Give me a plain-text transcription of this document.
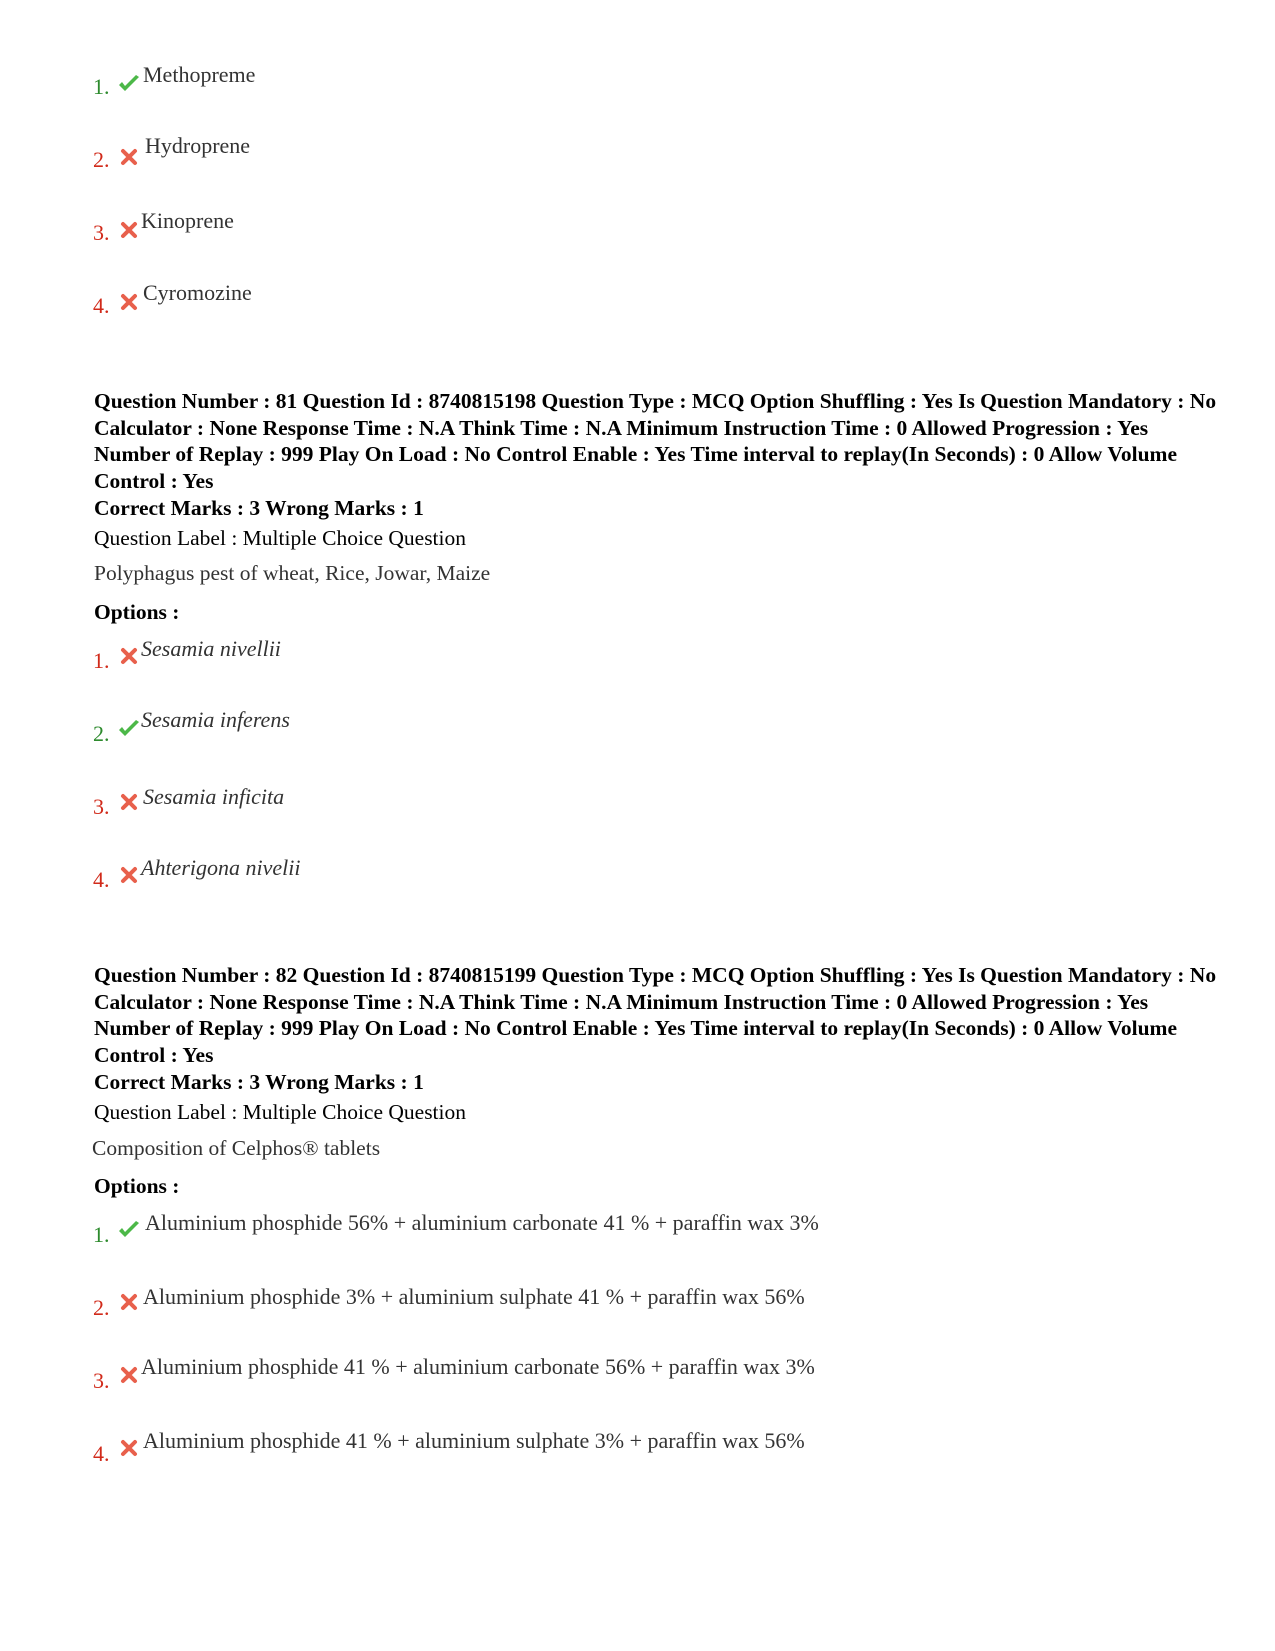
1. Methopreme
2.
Hydroprene
3. Kinoprene
4.
Cyromozine
Question Number : 81 Question Id : 8740815198 Question Type : MCQ Option Shuffling : Yes Is Question Mandatory : No Calculator : None Response Time : N.A Think Time : N.A Minimum Instruction Time : 0 Allowed Progression : Yes Number of Replay : 999 Play On Load : No Control Enable : Yes Time interval to replay(In Seconds) : 0 Allow Volume Control : Yes
Correct Marks : 3 Wrong Marks : 1
Question Label : Multiple Choice Question
Polyphagus pest of wheat, Rice, Jowar, Maize
Options :
1. Sesamia nivellii
2.
Sesamia inferens
3. Sesamia inficita
4. Ahterigona nivelii
Question Number : 82 Question Id : 8740815199 Question Type : MCQ Option Shuffling : Yes Is Question Mandatory : No Calculator : None Response Time : N.A Think Time : N.A Minimum Instruction Time : 0 Allowed Progression : Yes Number of Replay : 999 Play On Load : No Control Enable : Yes Time interval to replay(In Seconds) : 0 Allow Volume Control : Yes
Correct Marks : 3 Wrong Marks : 1
Question Label : Multiple Choice Question
Composition of Celphos® tablets
Options :
1. Aluminium phosphide 56% + aluminium carbonate 41 % + paraffin wax 3%
2. Aluminium phosphide 3% + aluminium sulphate 41 % + paraffin wax 56%
3.
Aluminium phosphide 41 % + aluminium carbonate 56% + paraffin wax 3%
4.
Aluminium phosphide 41 % + aluminium sulphate 3% + paraffin wax 56%
